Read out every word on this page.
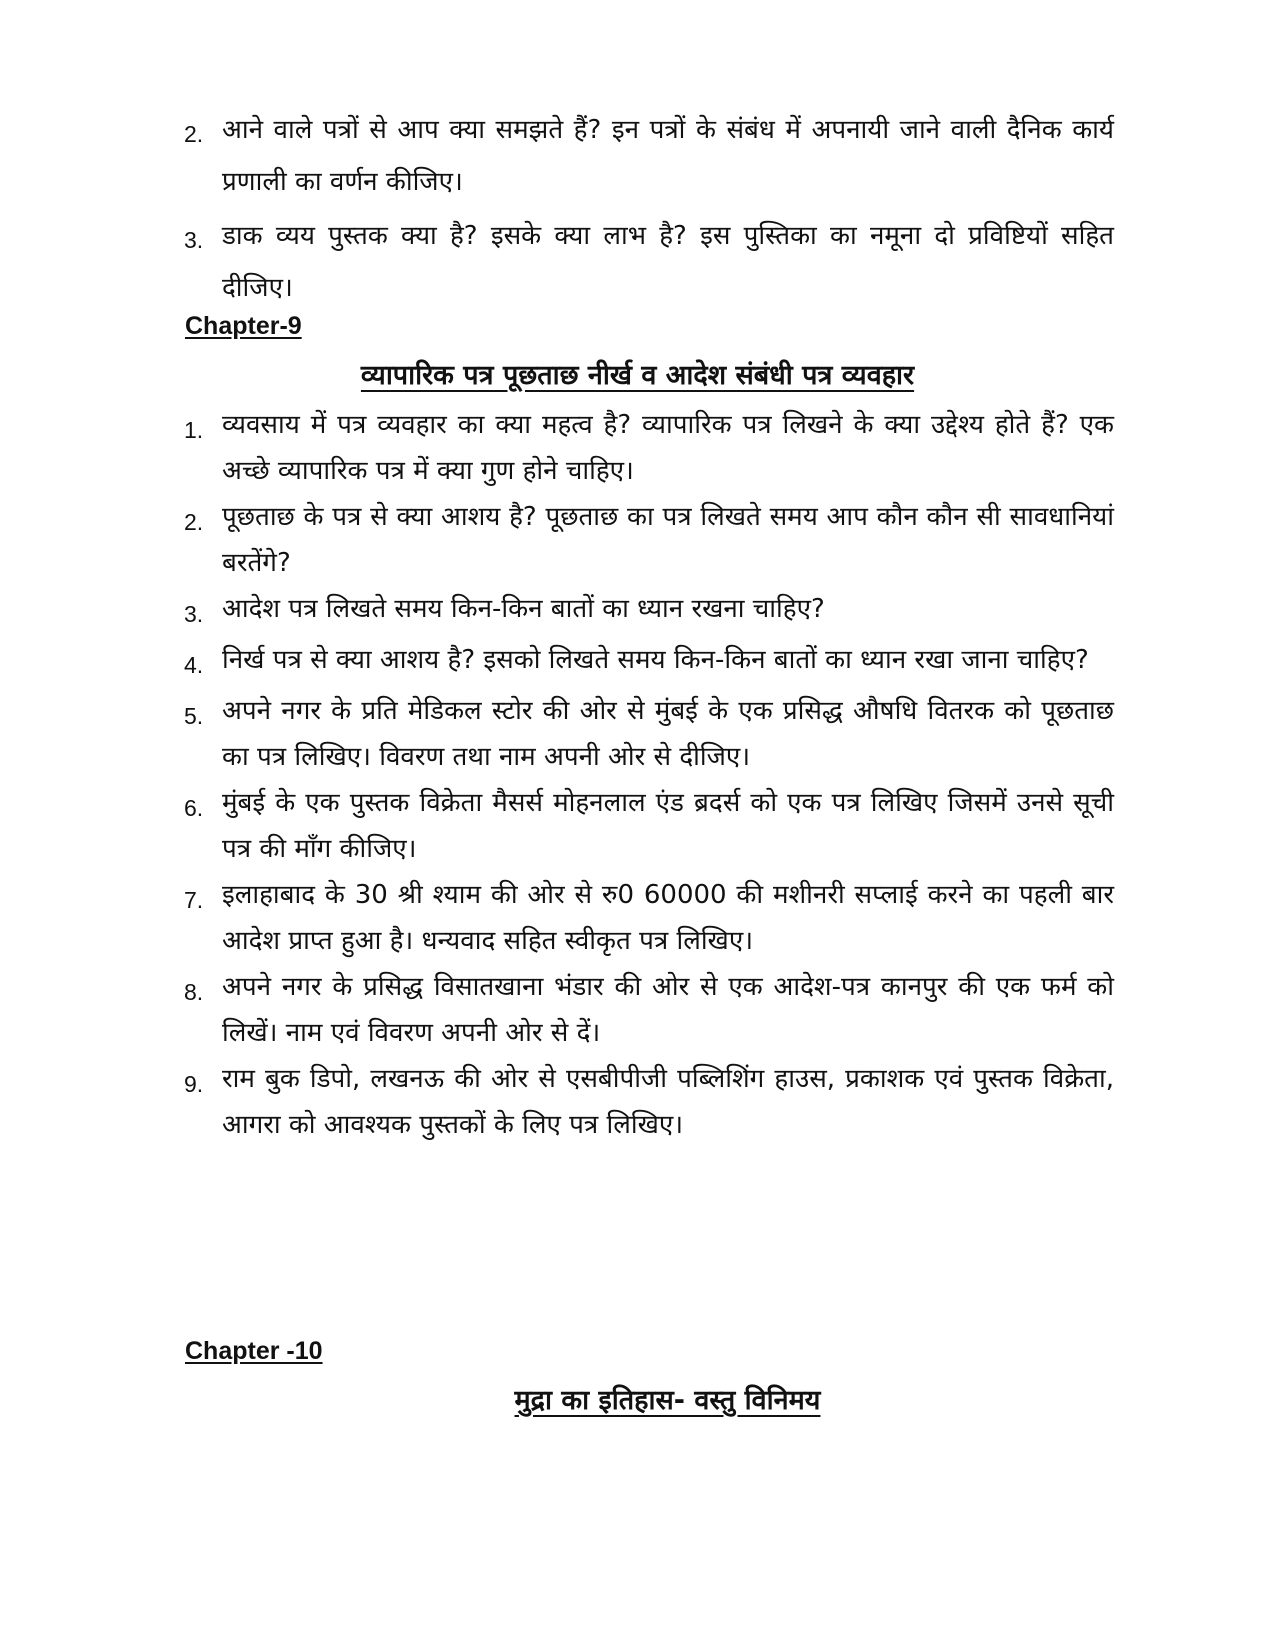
2. आने वाले पत्रों से आप क्या समझते हैं? इन पत्रों के संबंध में अपनायी जाने वाली दैनिक कार्य प्रणाली का वर्णन कीजिए।
3. डाक व्यय पुस्तक क्या है? इसके क्या लाभ है? इस पुस्तिका का नमूना दो प्रविष्टियों सहित दीजिए।
Chapter-9
व्यापारिक पत्र पूछताछ नीर्ख व आदेश संबंधी पत्र व्यवहार
1. व्यवसाय में पत्र व्यवहार का क्या महत्व है? व्यापारिक पत्र लिखने के क्या उद्देश्य होते हैं? एक अच्छे व्यापारिक पत्र में क्या गुण होने चाहिए।
2. पूछताछ के पत्र से क्या आशय है? पूछताछ का पत्र लिखते समय आप कौन कौन सी सावधानियां बरतेंगे?
3. आदेश पत्र लिखते समय किन-किन बातों का ध्यान रखना चाहिए?
4. निर्ख पत्र से क्या आशय है? इसको लिखते समय किन-किन बातों का ध्यान रखा जाना चाहिए?
5. अपने नगर के प्रति मेडिकल स्टोर की ओर से मुंबई के एक प्रसिद्ध औषधि वितरक को पूछताछ का पत्र लिखिए। विवरण तथा नाम अपनी ओर से दीजिए।
6. मुंबई के एक पुस्तक विक्रेता मैसर्स मोहनलाल एंड ब्रदर्स को एक पत्र लिखिए जिसमें उनसे सूची पत्र की माँग कीजिए।
7. इलाहाबाद के 30 श्री श्याम की ओर से रु0 60000 की मशीनरी सप्लाई करने का पहली बार आदेश प्राप्त हुआ है। धन्यवाद सहित स्वीकृत पत्र लिखिए।
8. अपने नगर के प्रसिद्ध विसातखाना भंडार की ओर से एक आदेश-पत्र कानपुर की एक फर्म को लिखें। नाम एवं विवरण अपनी ओर से दें।
9. राम बुक डिपो, लखनऊ की ओर से एसबीपीजी पब्लिशिंग हाउस, प्रकाशक एवं पुस्तक विक्रेता, आगरा को आवश्यक पुस्तकों के लिए पत्र लिखिए।
Chapter -10
मुद्रा का इतिहास- वस्तु विनिमय
